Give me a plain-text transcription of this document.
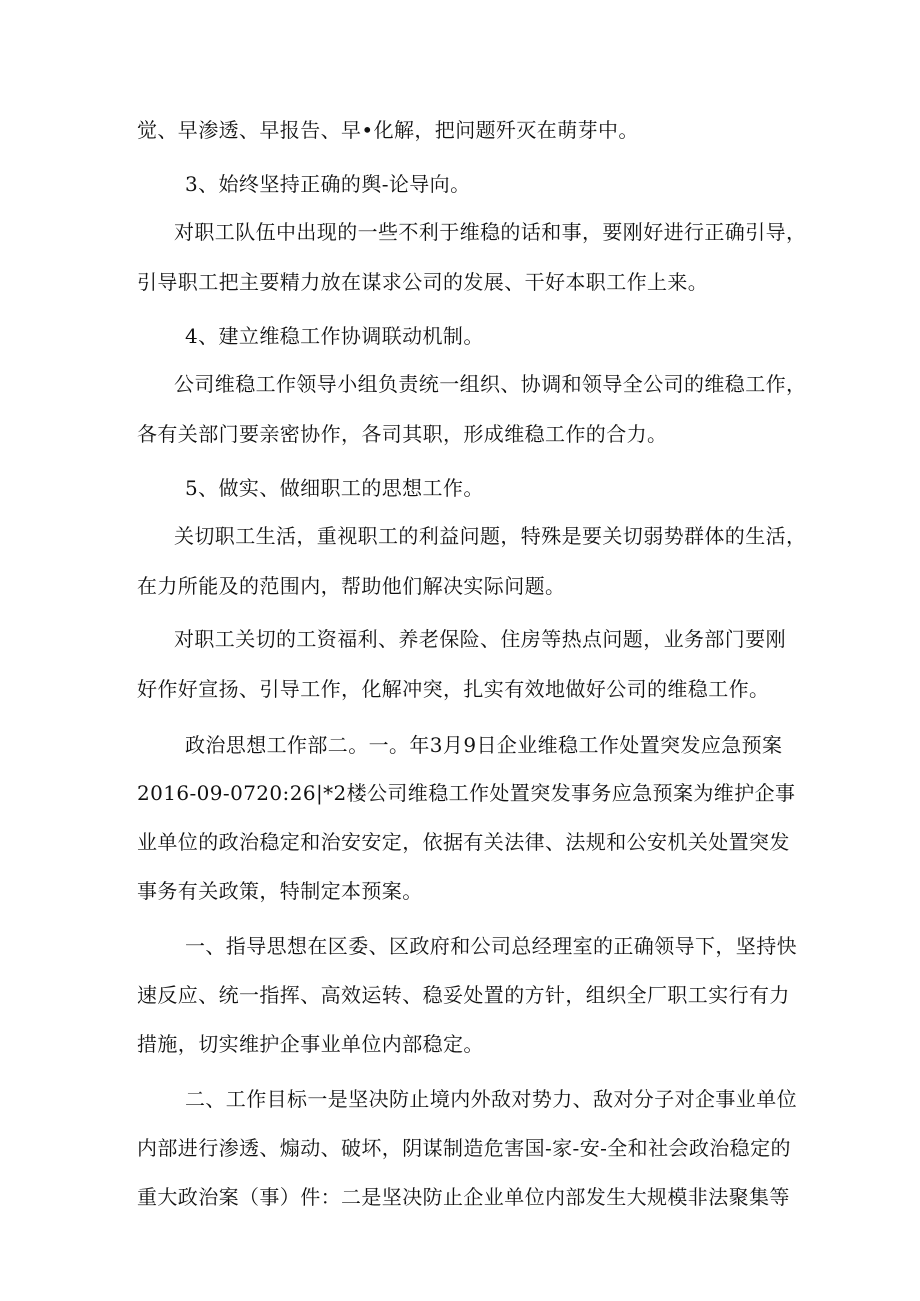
觉、早渗透、早报告、早•化解，把问题歼灭在萌芽中。
3、始终坚持正确的舆-论导向。
对职工队伍中出现的一些不利于维稳的话和事，要刚好进行正确引导，
引导职工把主要精力放在谋求公司的发展、干好本职工作上来。
4、建立维稳工作协调联动机制。
公司维稳工作领导小组负责统一组织、协调和领导全公司的维稳工作，
各有关部门要亲密协作，各司其职，形成维稳工作的合力。
5、做实、做细职工的思想工作。
关切职工生活，重视职工的利益问题，特殊是要关切弱势群体的生活，
在力所能及的范围内，帮助他们解决实际问题。
对职工关切的工资福利、养老保险、住房等热点问题，业务部门要刚
好作好宣扬、引导工作，化解冲突，扎实有效地做好公司的维稳工作。
政治思想工作部二。一。年3月9日企业维稳工作处置突发应急预案
2016-09-0720:26|*2楼公司维稳工作处置突发事务应急预案为维护企事
业单位的政治稳定和治安安定，依据有关法律、法规和公安机关处置突发
事务有关政策，特制定本预案。
一、指导思想在区委、区政府和公司总经理室的正确领导下，坚持快
速反应、统一指挥、高效运转、稳妥处置的方针，组织全厂职工实行有力
措施，切实维护企事业单位内部稳定。
二、工作目标一是坚决防止境内外敌对势力、敌对分子对企事业单位
内部进行渗透、煽动、破坏，阴谋制造危害国-家-安-全和社会政治稳定的
重大政治案（事）件：二是坚决防止企业单位内部发生大规模非法聚集等
